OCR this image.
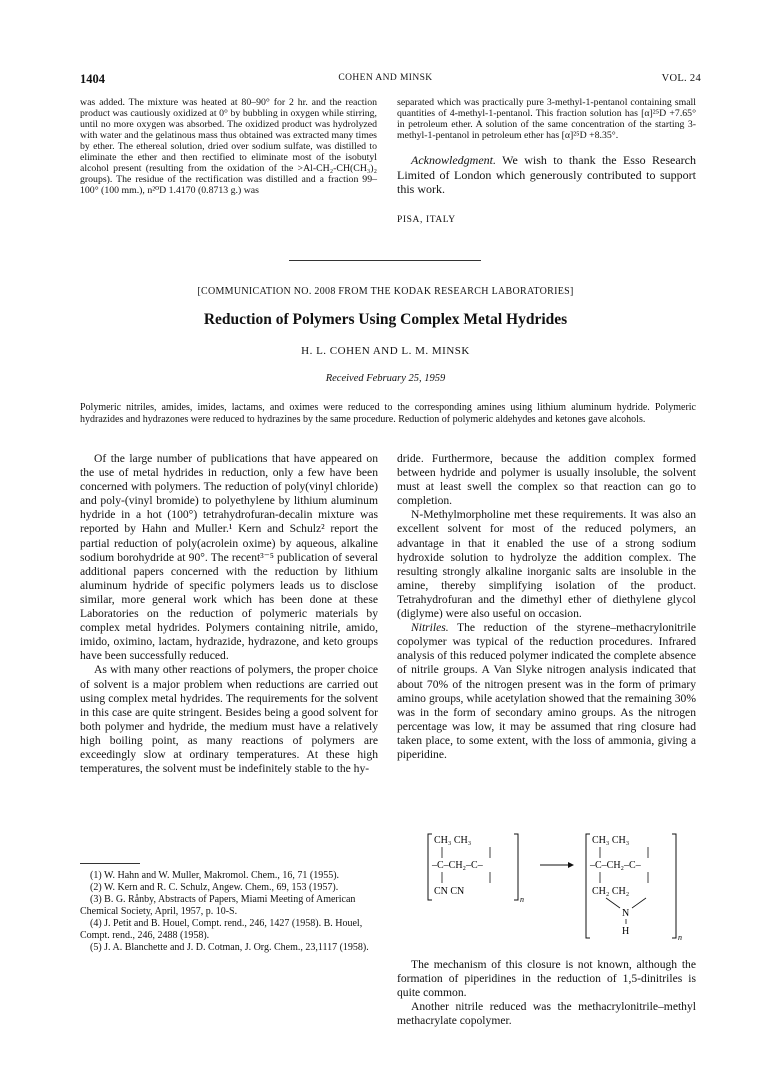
1404	COHEN AND MINSK	VOL. 24

was added. The mixture was heated at 80–90° for 2 hr. and the reaction product was cautiously oxidized at 0° by bubbling in oxygen while stirring, until no more oxygen was absorbed. The oxidized product was hydrolyzed with water and the gelatinous mass thus obtained was extracted many times by ether. The ethereal solution, dried over sodium sulfate, was distilled to eliminate the ether and then rectified to eliminate most of the isobutyl alcohol present (resulting from the oxidation of the >Al-CH₂-CH(CH₃)₂ groups). The residue of the rectification was distilled and a fraction 99–100° (100 mm.), n²⁰D 1.4170 (0.8713 g.) was

separated which was practically pure 3-methyl-1-pentanol containing small quantities of 4-methyl-1-pentanol. This fraction solution has [α]²⁵D +7.65° in petroleum ether. A solution of the same concentration of the starting 3-methyl-1-pentanol in petroleum ether has [α]²⁵D +8.35°.

Acknowledgment. We wish to thank the Esso Research Limited of London which generously contributed to support this work.

PISA, ITALY

[COMMUNICATION NO. 2008 FROM THE KODAK RESEARCH LABORATORIES]
Reduction of Polymers Using Complex Metal Hydrides
H. L. COHEN AND L. M. MINSK
Received February 25, 1959
Polymeric nitriles, amides, imides, lactams, and oximes were reduced to the corresponding amines using lithium aluminum hydride. Polymeric hydrazides and hydrazones were reduced to hydrazines by the same procedure. Reduction of polymeric aldehydes and ketones gave alcohols.

Of the large number of publications that have appeared on the use of metal hydrides in reduction, only a few have been concerned with polymers. The reduction of poly(vinyl chloride) and poly-(vinyl bromide) to polyethylene by lithium aluminum hydride in a hot (100°) tetrahydrofuran-decalin mixture was reported by Hahn and Muller.¹ Kern and Schulz² report the partial reduction of poly(acrolein oxime) by aqueous, alkaline sodium borohydride at 90°. The recent³⁻⁵ publication of several additional papers concerned with the reduction by lithium aluminum hydride of specific polymers leads us to disclose similar, more general work which has been done at these Laboratories on the reduction of polymeric materials by complex metal hydrides. Polymers containing nitrile, amido, imido, oximino, lactam, hydrazide, hydrazone, and keto groups have been successfully reduced.

As with many other reactions of polymers, the proper choice of solvent is a major problem when reductions are carried out using complex metal hydrides. The requirements for the solvent in this case are quite stringent. Besides being a good solvent for both polymer and hydride, the medium must have a relatively high boiling point, as many reactions of polymers are exceedingly slow at ordinary temperatures. At these high temperatures, the solvent must be indefinitely stable to the hy-

dride. Furthermore, because the addition complex formed between hydride and polymer is usually insoluble, the solvent must at least swell the complex so that reaction can go to completion.

N-Methylmorpholine met these requirements. It was also an excellent solvent for most of the reduced polymers, an advantage in that it enabled the use of a strong sodium hydroxide solution to hydrolyze the addition complex. The resulting strongly alkaline inorganic salts are insoluble in the amine, thereby simplifying isolation of the product. Tetrahydrofuran and the dimethyl ether of diethylene glycol (diglyme) were also useful on occasion.

Nitriles. The reduction of the styrene–methacrylonitrile copolymer was typical of the reduction procedures. Infrared analysis of this reduced polymer indicated the complete absence of nitrile groups. A Van Slyke nitrogen analysis indicated that about 70% of the nitrogen present was in the form of primary amino groups, while acetylation showed that the remaining 30% was in the form of secondary amino groups. As the nitrogen percentage was low, it may be assumed that ring closure had taken place, to some extent, with the loss of ammonia, giving a piperidine.

CH₃ CH₃
–C–CH₂–C–
CN CN
n
CH₃ CH₃
–C–CH₂–C–
CH₂ CH₂
N
H
n

(1) W. Hahn and W. Muller, Makromol. Chem., 16, 71 (1955).

(2) W. Kern and R. C. Schulz, Angew. Chem., 69, 153 (1957).

(3) B. G. Rånby, Abstracts of Papers, Miami Meeting of American Chemical Society, April, 1957, p. 10-S.

(4) J. Petit and B. Houel, Compt. rend., 246, 1427 (1958). B. Houel, Compt. rend., 246, 2488 (1958).

(5) J. A. Blanchette and J. D. Cotman, J. Org. Chem., 23,1117 (1958).

The mechanism of this closure is not known, although the formation of piperidines in the reduction of 1,5-dinitriles is quite common.

Another nitrile reduced was the methacrylonitrile–methyl methacrylate copolymer.
